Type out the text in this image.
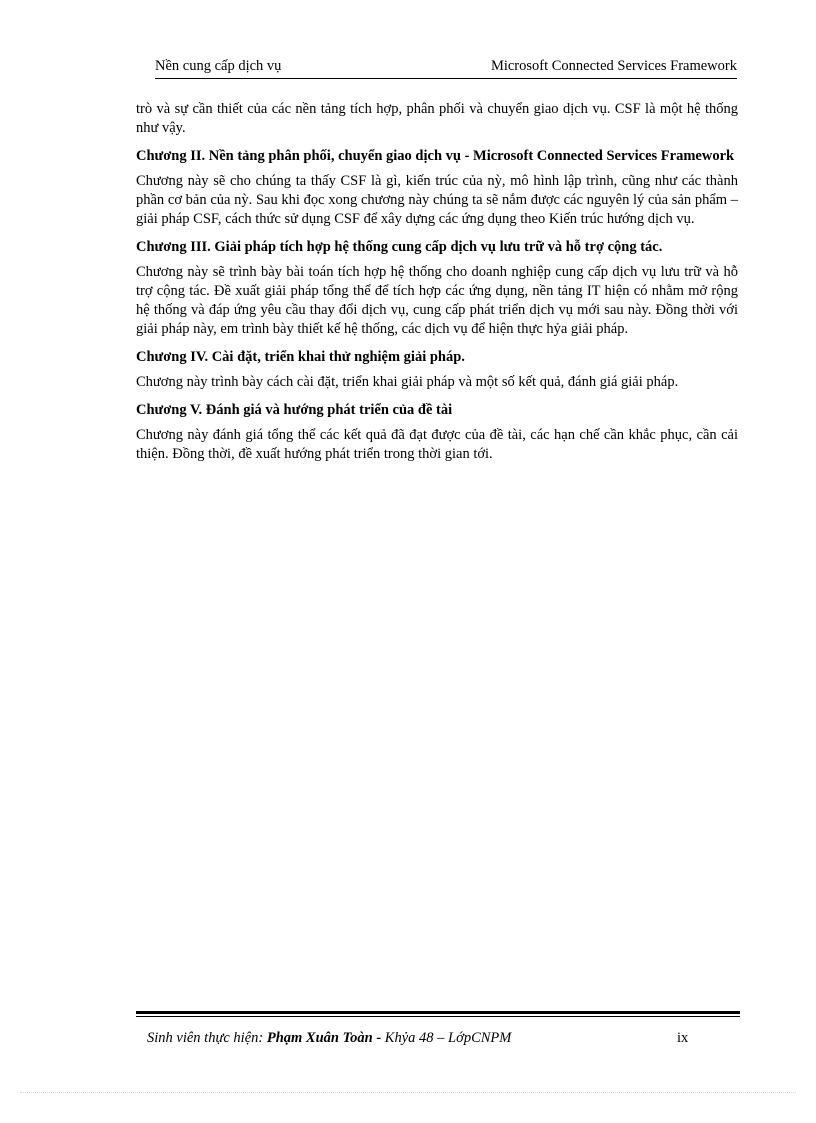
Nền cung cấp dịch vụ	Microsoft Connected Services Framework

trò và sự cần thiết của các nền tảng tích hợp, phân phối và chuyển giao dịch vụ. CSF là một hệ thống như vậy.

Chương II. Nền tảng phân phối, chuyển giao dịch vụ - Microsoft Connected Services Framework

Chương này sẽ cho chúng ta thấy CSF là gì, kiến trúc của nỳ, mô hình lập trình, cũng như các thành phần cơ bản của nỳ. Sau khi đọc xong chương này chúng ta sẽ nắm được các nguyên lý của sản phẩm – giải pháp CSF, cách thức sử dụng CSF để xây dựng các ứng dụng theo Kiến trúc hướng dịch vụ.

Chương III. Giải pháp tích hợp hệ thống cung cấp dịch vụ lưu trữ và hỗ trợ cộng tác.

Chương này sẽ trình bày bài toán tích hợp hệ thống cho doanh nghiệp cung cấp dịch vụ lưu trữ và hỗ trợ cộng tác. Đề xuất giải pháp tổng thể để tích hợp các ứng dụng, nền tảng IT hiện có nhằm mở rộng hệ thống và đáp ứng yêu cầu thay đổi dịch vụ, cung cấp phát triển dịch vụ mới sau này. Đồng thời với giải pháp này, em trình bày thiết kế hệ thống, các dịch vụ để hiện thực hỷa giải pháp.

Chương IV. Cài đặt, triển khai thử nghiệm giải pháp.

Chương này trình bày cách cài đặt, triển khai giải pháp và một số kết quả, đánh giá giải pháp.

Chương V. Đánh giá và hướng phát triển của đề tài

Chương này đánh giá tổng thể các kết quả đã đạt được của đề tài, các hạn chế cần khắc phục, cần cải thiện. Đồng thời, đề xuất hướng phát triển trong thời gian tới.

Sinh viên thực hiện: Phạm Xuân Toàn - Khỷa 48 – LớpCNPM	ix
